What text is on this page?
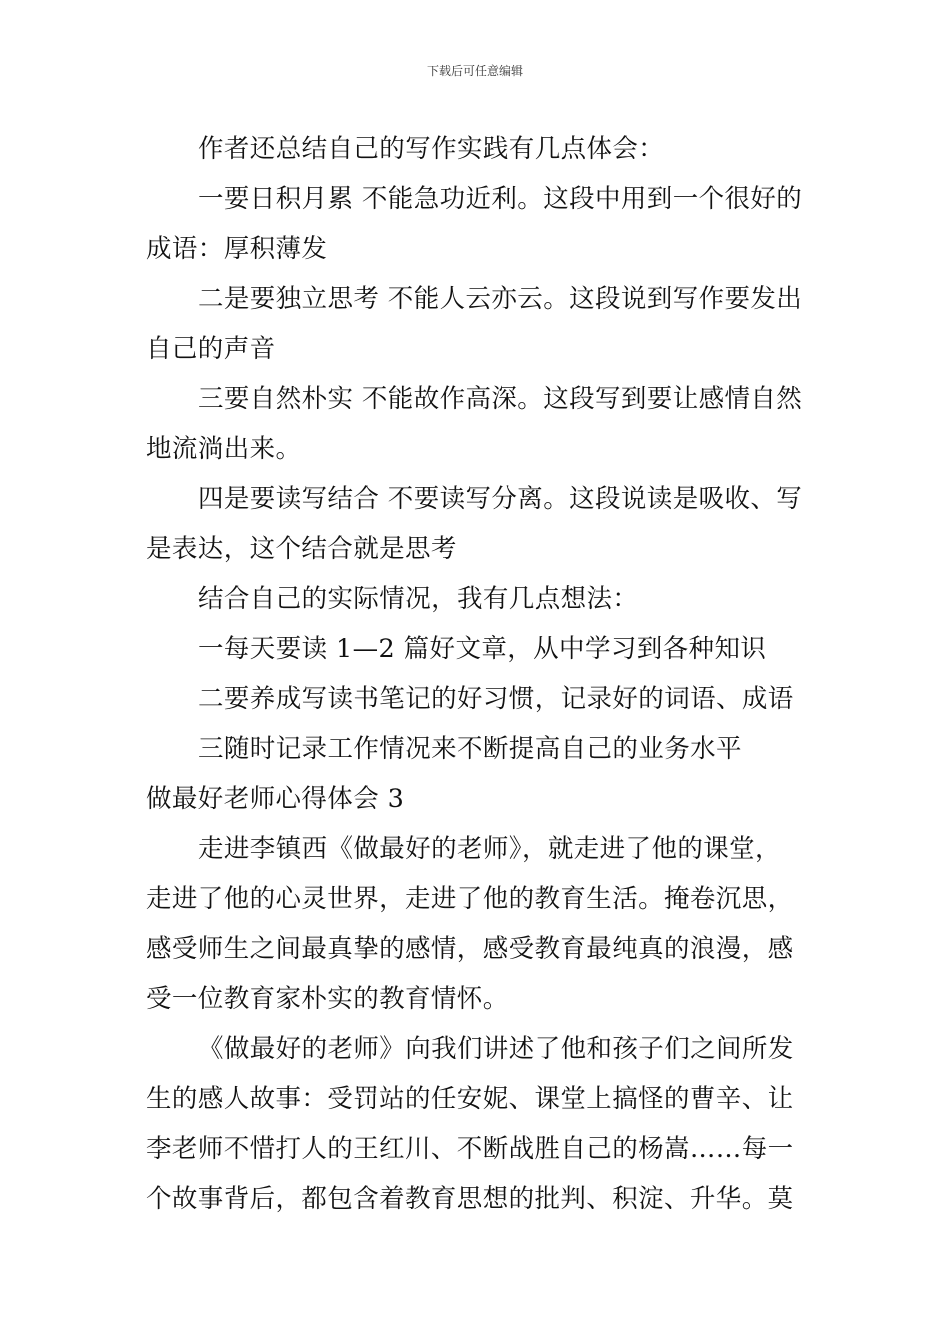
下载后可任意编辑
作者还总结自己的写作实践有几点体会：
一要日积月累 不能急功近利。这段中用到一个很好的
成语：厚积薄发
二是要独立思考 不能人云亦云。这段说到写作要发出
自己的声音
三要自然朴实 不能故作高深。这段写到要让感情自然
地流淌出来。
四是要读写结合 不要读写分离。这段说读是吸收、写
是表达，这个结合就是思考
结合自己的实际情况，我有几点想法：
一每天要读 1—2 篇好文章，从中学习到各种知识
二要养成写读书笔记的好习惯，记录好的词语、成语
三随时记录工作情况来不断提高自己的业务水平
做最好老师心得体会 3
走进李镇西《做最好的老师》，就走进了他的课堂，
走进了他的心灵世界，走进了他的教育生活。掩卷沉思，
感受师生之间最真挚的感情，感受教育最纯真的浪漫，感
受一位教育家朴实的教育情怀。
《做最好的老师》向我们讲述了他和孩子们之间所发
生的感人故事：受罚站的任安妮、课堂上搞怪的曹辛、让
李老师不惜打人的王红川、不断战胜自己的杨嵩……每一
个故事背后，都包含着教育思想的批判、积淀、升华。莫
